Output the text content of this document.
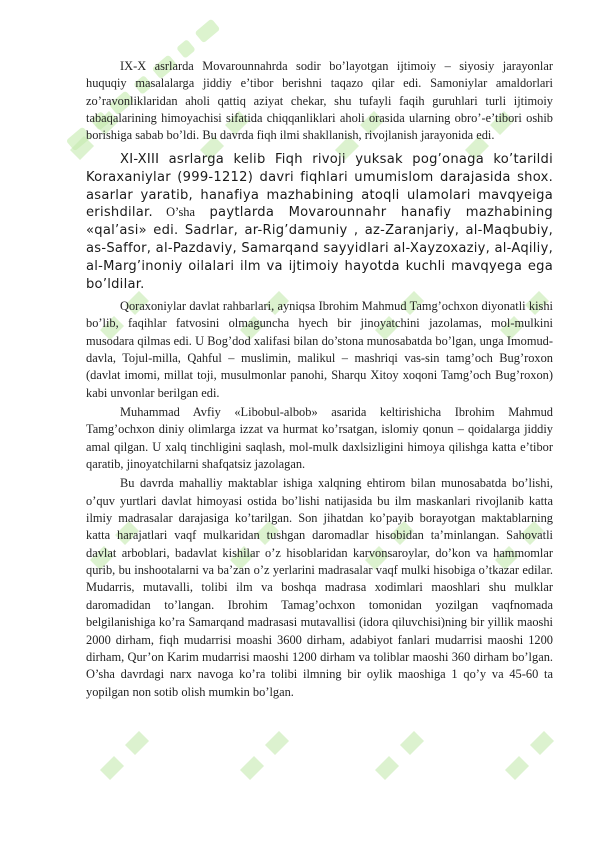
IX-X asrlarda Movarounnahrda sodir bo’layotgan ijtimoiy – siyosiy jarayonlar huquqiy masalalarga jiddiy e’tibor berishni taqazo qilar edi. Samoniylar amaldorlari zo’ravonliklaridan aholi qattiq aziyat chekar, shu tufayli faqih guruhlari turli ijtimoiy tabaqalarining himoyachisi sifatida chiqqanliklari aholi orasida ularning obro’-e’tibori oshib borishiga sabab bo’ldi. Bu davrda fiqh ilmi shakllanish, rivojlanish jarayonida edi.

XI-XIII asrlarga kelib Fiqh rivoji yuksak pog’onaga ko’tarildi Koraxaniylar (999-1212) davri fiqhlari umumislom darajasida shox. asarlar yaratib, hanafiya mazhabining atoqli ulamolari mavqyeiga erishdilar. O’sha paytlarda Movarounnahr hanafiy mazhabining «qal’asi» edi. Sadrlar, ar-Rig’damuniy , az-Zaranjariy, al-Maqbubiy, as-Saffor, al-Pazdaviy, Samarqand sayyidlari al-Xayzoxaziy, al-Aqiliy, al-Marg’inoniy oilalari ilm va ijtimoiy hayotda kuchli mavqyega ega bo’ldilar.

Qoraxoniylar davlat rahbarlari, ayniqsa Ibrohim Mahmud Tamg’ochxon diyonatli kishi bo’lib, faqihlar fatvosini olmaguncha hyech bir jinoyatchini jazolamas, mol-mulkini musodara qilmas edi. U Bog’dod xalifasi bilan do’stona munosabatda bo’lgan, unga Imomud-davla, Tojul-milla, Qahful – muslimin, malikul – mashriqi vas-sin tamg’och Bug’roxon (davlat imomi, millat toji, musulmonlar panohi, Sharqu Xitoy xoqoni Tamg’och Bug’roxon) kabi unvonlar berilgan edi.

Muhammad Avfiy «Libobul-albob» asarida keltirishicha Ibrohim Mahmud Tamg’ochxon diniy olimlarga izzat va hurmat ko’rsatgan, islomiy qonun – qoidalarga jiddiy amal qilgan. U xalq tinchligini saqlash, mol-mulk daxlsizligini himoya qilishga katta e’tibor qaratib, jinoyatchilarni shafqatsiz jazolagan.

Bu davrda mahalliy maktablar ishiga xalqning ehtirom bilan munosabatda bo’lishi, o’quv yurtlari davlat himoyasi ostida bo’lishi natijasida bu ilm maskanlari rivojlanib katta ilmiy madrasalar darajasiga ko’tarilgan. Son jihatdan ko’payib borayotgan maktablarning katta harajatlari vaqf mulkaridan tushgan daromadlar hisobidan ta’minlangan. Sahovatli davlat arboblari, badavlat kishilar o’z hisoblaridan karvonsaroylar, do’kon va hammomlar qurib, bu inshootalarni va ba’zan o’z yerlarini madrasalar vaqf mulki hisobiga o’tkazar edilar. Mudarris, mutavalli, tolibi ilm va boshqa madrasa xodimlari maoshlari shu mulklar daromadidan to’langan. Ibrohim Tamag’ochxon tomonidan yozilgan vaqfnomada belgilanishiga ko’ra Samarqand madrasasi mutavallisi (idora qiluvchisi)ning bir yillik maoshi 2000 dirham, fiqh mudarrisi moashi 3600 dirham, adabiyot fanlari mudarrisi maoshi 1200 dirham, Qur’on Karim mudarrisi maoshi 1200 dirham va toliblar maoshi 360 dirham bo’lgan. O’sha davrdagi narx navoga ko’ra tolibi ilmning bir oylik maoshiga 1 qo’y va 45-60 ta yopilgan non sotib olish mumkin bo’lgan.
